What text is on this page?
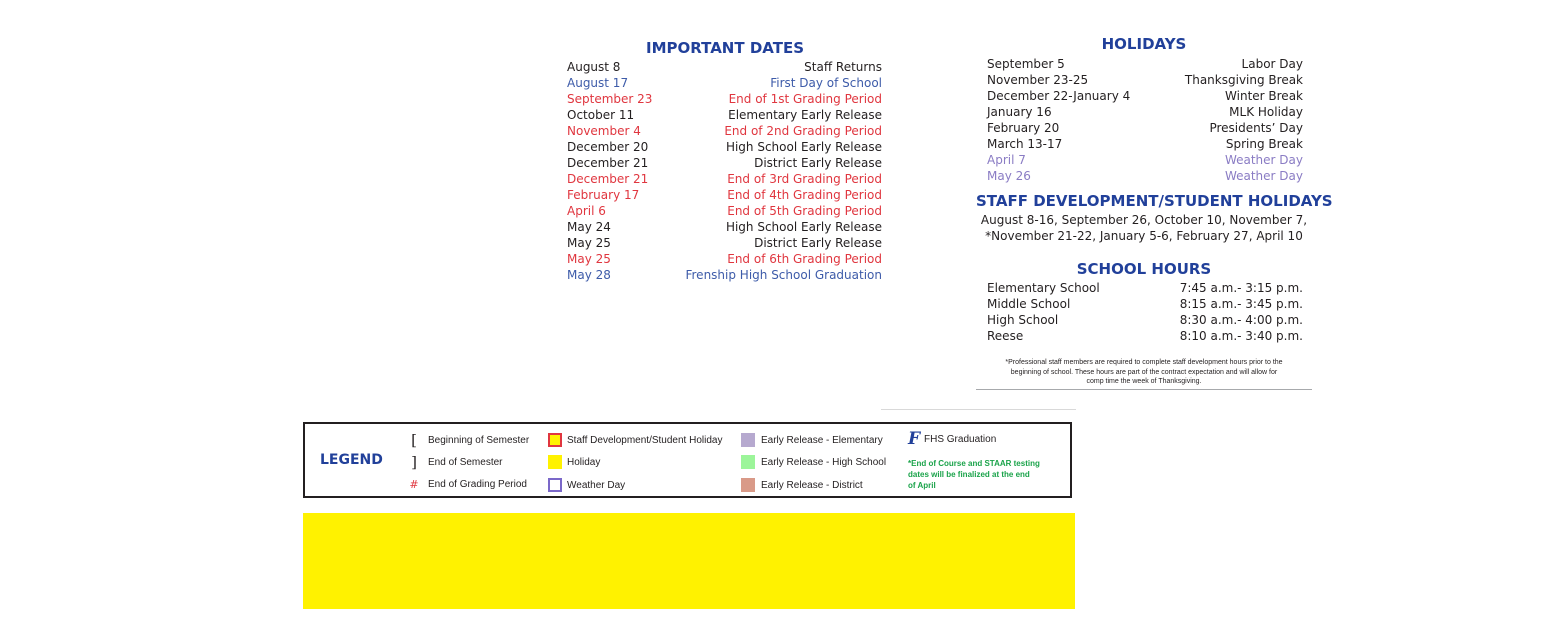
IMPORTANT DATES
August 8	Staff Returns
August 17	First Day of School
September 23	End of 1st Grading Period
October 11	Elementary Early Release
November 4	End of 2nd Grading Period
December 20	High School Early Release
December 21	District Early Release
December 21	End of 3rd Grading Period
February 17	End of 4th Grading Period
April 6	End of 5th Grading Period
May 24	High School Early Release
May 25	District Early Release
May 25	End of 6th Grading Period
May 28	Frenship High School Graduation
HOLIDAYS
September 5	Labor Day
November 23-25	Thanksgiving Break
December 22-January 4	Winter Break
January 16	MLK Holiday
February 20	Presidents’ Day
March 13-17	Spring Break
April 7	Weather Day
May 26	Weather Day
STAFF DEVELOPMENT/STUDENT HOLIDAYS
August 8-16, September 26, October 10, November 7,
*November 21-22, January 5-6, February 27, April 10
SCHOOL HOURS
Elementary School	7:45 a.m.- 3:15 p.m.
Middle School	8:15 a.m.- 3:45 p.m.
High School	8:30 a.m.- 4:00 p.m.
Reese	8:10 a.m.- 3:40 p.m.
*Professional staff members are required to complete staff development hours prior to the
beginning of school. These hours are part of the contract expectation and will allow for
comp time the week of Thanksgiving.
LEGEND
[	Beginning of Semester
]	End of Semester
# End of Grading Period
Staff Development/Student Holiday
Holiday
Weather Day
Early Release - Elementary
Early Release - High School
Early Release - District
F FHS Graduation
*End of Course and STAAR testing
dates will be finalized at the end
of April
